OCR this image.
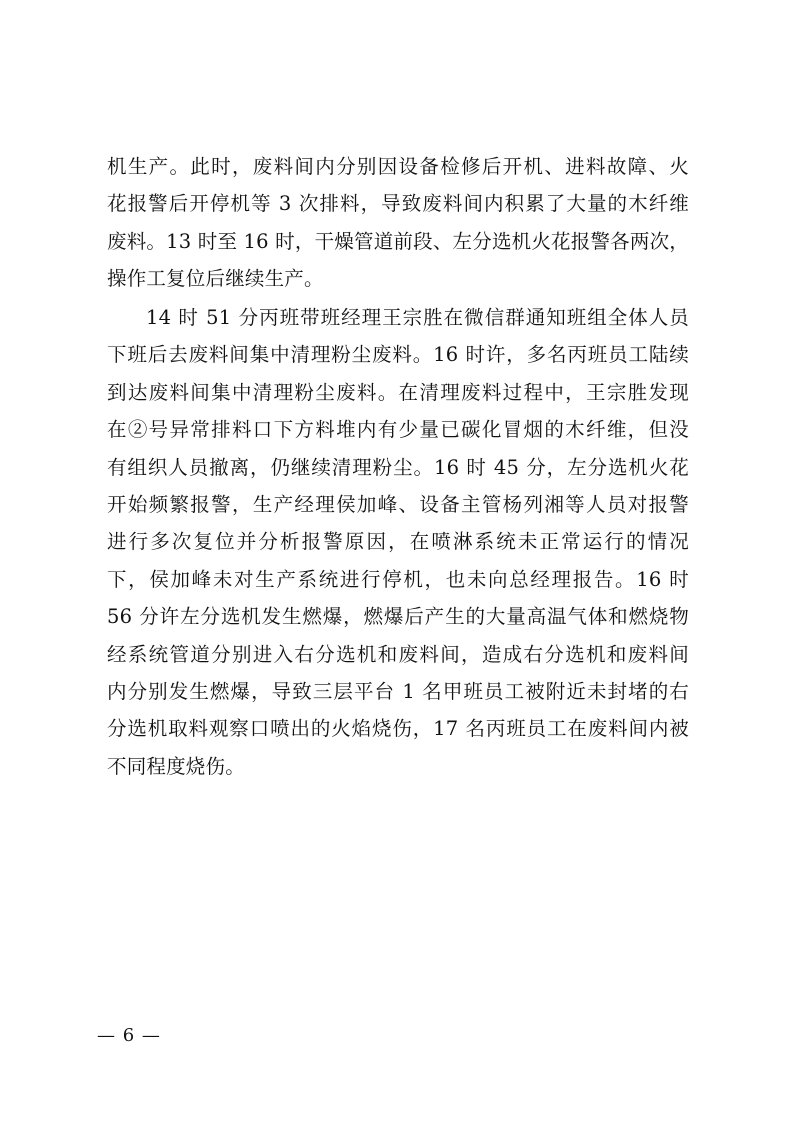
机生产。此时，废料间内分别因设备检修后开机、进料故障、火
花报警后开停机等 3 次排料，导致废料间内积累了大量的木纤维
废料。13 时至 16 时，干燥管道前段、左分选机火花报警各两次，
操作工复位后继续生产。
14 时 51 分丙班带班经理王宗胜在微信群通知班组全体人员
下班后去废料间集中清理粉尘废料。16 时许，多名丙班员工陆续
到达废料间集中清理粉尘废料。在清理废料过程中，王宗胜发现
在②号异常排料口下方料堆内有少量已碳化冒烟的木纤维，但没
有组织人员撤离，仍继续清理粉尘。16 时 45 分，左分选机火花
开始频繁报警，生产经理侯加峰、设备主管杨列湘等人员对报警
进行多次复位并分析报警原因，在喷淋系统未正常运行的情况
下，侯加峰未对生产系统进行停机，也未向总经理报告。16 时
56 分许左分选机发生燃爆，燃爆后产生的大量高温气体和燃烧物
经系统管道分别进入右分选机和废料间，造成右分选机和废料间
内分别发生燃爆，导致三层平台 1 名甲班员工被附近未封堵的右
分选机取料观察口喷出的火焰烧伤，17 名丙班员工在废料间内被
不同程度烧伤。
— 6 —
